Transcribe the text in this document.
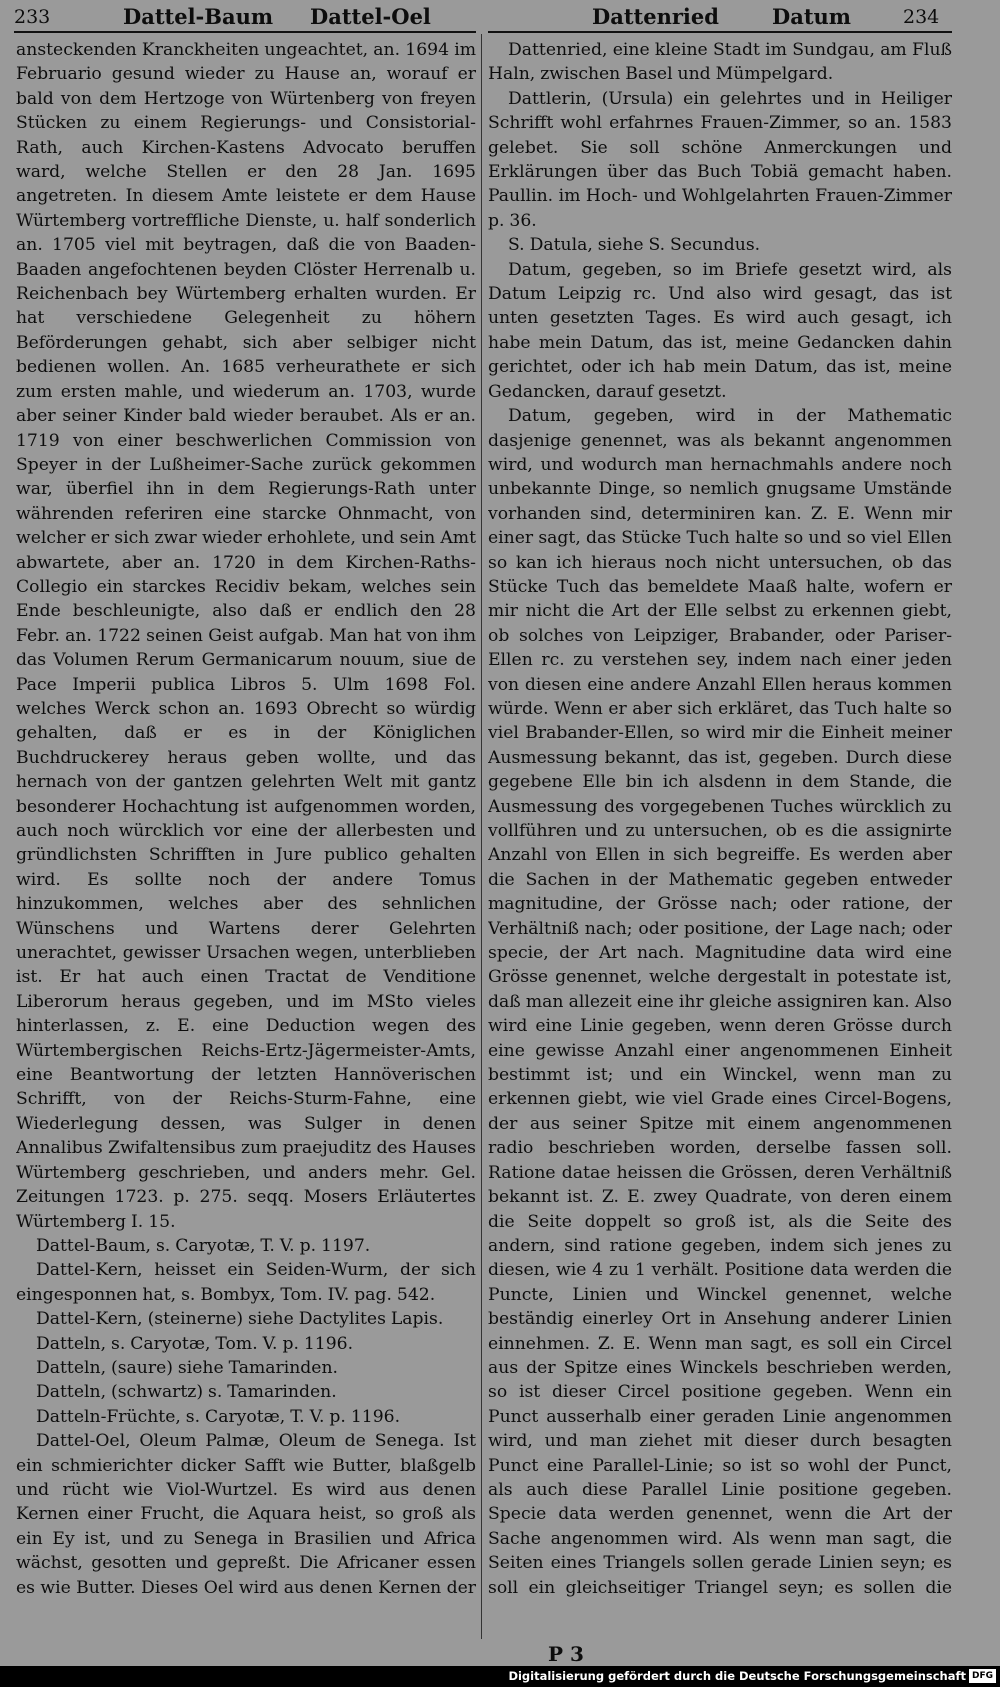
233	Dattel-Baum Dattel-Oel	Dattenried	Datum	234

ansteckenden Kranckheiten ungeachtet, an. 1694 im Februario gesund wieder zu Hause an, worauf er bald von dem Hertzoge von Würtenberg von freyen Stücken zu einem Regierungs- und Consistorial-Rath, auch Kirchen-Kastens Advocato beruffen ward, welche Stellen er den 28 Jan. 1695 angetreten. In diesem Amte leistete er dem Hause Würtemberg vortreffliche Dienste, u. half sonderlich an. 1705 viel mit beytragen, daß die von Baaden-Baaden angefochtenen beyden Clöster Herrenalb u. Reichenbach bey Würtemberg erhalten wurden. Er hat verschiedene Gelegenheit zu höhern Beförderungen gehabt, sich aber selbiger nicht bedienen wollen. An. 1685 verheurathete er sich zum ersten mahle, und wiederum an. 1703, wurde aber seiner Kinder bald wieder beraubet. Als er an. 1719 von einer beschwerlichen Commission von Speyer in der Lußheimer-Sache zurück gekommen war, überfiel ihn in dem Regierungs-Rath unter währenden referiren eine starcke Ohnmacht, von welcher er sich zwar wieder erhohlete, und sein Amt abwartete, aber an. 1720 in dem Kirchen-Raths-Collegio ein starckes Recidiv bekam, welches sein Ende beschleunigte, also daß er endlich den 28 Febr. an. 1722 seinen Geist aufgab. Man hat von ihm das Volumen Rerum Germanicarum nouum, siue de Pace Imperii publica Libros 5. Ulm 1698 Fol. welches Werck schon an. 1693 Obrecht so würdig gehalten, daß er es in der Königlichen Buchdruckerey heraus geben wollte, und das hernach von der gantzen gelehrten Welt mit gantz besonderer Hochachtung ist aufgenommen worden, auch noch würcklich vor eine der allerbesten und gründlichsten Schrifften in Jure publico gehalten wird. Es sollte noch der andere Tomus hinzukommen, welches aber des sehnlichen Wünschens und Wartens derer Gelehrten unerachtet, gewisser Ursachen wegen, unterblieben ist. Er hat auch einen Tractat de Venditione Liberorum heraus gegeben, und im MSto vieles hinterlassen, z. E. eine Deduction wegen des Würtembergischen Reichs-Ertz-Jägermeister-Amts, eine Beantwortung der letzten Hannöverischen Schrifft, von der Reichs-Sturm-Fahne, eine Wiederlegung dessen, was Sulger in denen Annalibus Zwifaltensibus zum praejuditz des Hauses Würtemberg geschrieben, und anders mehr. Gel. Zeitungen 1723. p. 275. seqq. Mosers Erläutertes Würtemberg I. 15.

Dattel-Baum, s. Caryotæ, T. V. p. 1197.

Dattel-Kern, heisset ein Seiden-Wurm, der sich eingesponnen hat, s. Bombyx, Tom. IV. pag. 542.

Dattel-Kern, (steinerne) siehe Dactylites Lapis.

Datteln, s. Caryotæ, Tom. V. p. 1196.

Datteln, (saure) siehe Tamarinden.

Datteln, (schwartz) s. Tamarinden.

Datteln-Früchte, s. Caryotæ, T. V. p. 1196.

Dattel-Oel, Oleum Palmæ, Oleum de Senega. Ist ein schmierichter dicker Safft wie Butter, blaßgelb und rücht wie Viol-Wurtzel. Es wird aus denen Kernen einer Frucht, die Aquara heist, so groß als ein Ey ist, und zu Senega in Brasilien und Africa wächst, gesotten und gepreßt. Die Africaner essen es wie Butter. Dieses Oel wird aus denen Kernen der

Dattenried, eine kleine Stadt im Sundgau, am Fluß Haln, zwischen Basel und Mümpelgard.

Dattlerin, (Ursula) ein gelehrtes und in Heiliger Schrifft wohl erfahrnes Frauen-Zimmer, so an. 1583 gelebet. Sie soll schöne Anmerckungen und Erklärungen über das Buch Tobiä gemacht haben. Paullin. im Hoch- und Wohlgelahrten Frauen-Zimmer p. 36.

S. Datula, siehe S. Secundus.

Datum, gegeben, so im Briefe gesetzt wird, als Datum Leipzig rc. Und also wird gesagt, das ist unten gesetzten Tages. Es wird auch gesagt, ich habe mein Datum, das ist, meine Gedancken dahin gerichtet, oder ich hab mein Datum, das ist, meine Gedancken, darauf gesetzt.

Datum, gegeben, wird in der Mathematic dasjenige genennet, was als bekannt angenommen wird, und wodurch man hernachmahls andere noch unbekannte Dinge, so nemlich gnugsame Umstände vorhanden sind, determiniren kan. Z. E. Wenn mir einer sagt, das Stücke Tuch halte so und so viel Ellen so kan ich hieraus noch nicht untersuchen, ob das Stücke Tuch das bemeldete Maaß halte, wofern er mir nicht die Art der Elle selbst zu erkennen giebt, ob solches von Leipziger, Brabander, oder Pariser-Ellen rc. zu verstehen sey, indem nach einer jeden von diesen eine andere Anzahl Ellen heraus kommen würde. Wenn er aber sich erkläret, das Tuch halte so viel Brabander-Ellen, so wird mir die Einheit meiner Ausmessung bekannt, das ist, gegeben. Durch diese gegebene Elle bin ich alsdenn in dem Stande, die Ausmessung des vorgegebenen Tuches würcklich zu vollführen und zu untersuchen, ob es die assignirte Anzahl von Ellen in sich begreiffe. Es werden aber die Sachen in der Mathematic gegeben entweder magnitudine, der Grösse nach; oder ratione, der Verhältniß nach; oder positione, der Lage nach; oder specie, der Art nach. Magnitudine data wird eine Grösse genennet, welche dergestalt in potestate ist, daß man allezeit eine ihr gleiche assigniren kan. Also wird eine Linie gegeben, wenn deren Grösse durch eine gewisse Anzahl einer angenommenen Einheit bestimmt ist; und ein Winckel, wenn man zu erkennen giebt, wie viel Grade eines Circel-Bogens, der aus seiner Spitze mit einem angenommenen radio beschrieben worden, derselbe fassen soll. Ratione datae heissen die Grössen, deren Verhältniß bekannt ist. Z. E. zwey Quadrate, von deren einem die Seite doppelt so groß ist, als die Seite des andern, sind ratione gegeben, indem sich jenes zu diesen, wie 4 zu 1 verhält. Positione data werden die Puncte, Linien und Winckel genennet, welche beständig einerley Ort in Ansehung anderer Linien einnehmen. Z. E. Wenn man sagt, es soll ein Circel aus der Spitze eines Winckels beschrieben werden, so ist dieser Circel positione gegeben. Wenn ein Punct ausserhalb einer geraden Linie angenommen wird, und man ziehet mit dieser durch besagten Punct eine Parallel-Linie; so ist so wohl der Punct, als auch diese Parallel Linie positione gegeben. Specie data werden genennet, wenn die Art der Sache angenommen wird. Als wenn man sagt, die Seiten eines Triangels sollen gerade Linien seyn; es soll ein gleichseitiger Triangel seyn; es sollen die

P 3
Digitalisierung gefördert durch die Deutsche Forschungsgemeinschaft DFG
